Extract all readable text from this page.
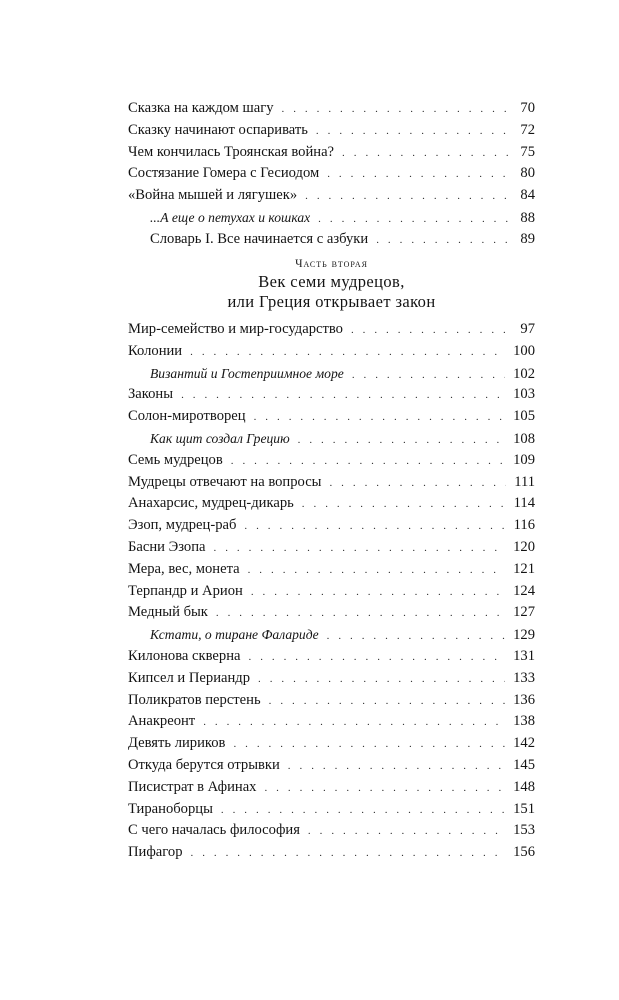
Сказка на каждом шагу . . .	70
Сказку начинают оспаривать . . .	72
Чем кончилась Троянская война? . . .	75
Состязание Гомера с Гесиодом . . .	80
«Война мышей и лягушек» . . .	84
...А еще о петухах и кошках . . .	88
Словарь I. Все начинается с азбуки . . .	89
Часть вторая
Век семи мудрецов,
или Греция открывает закон
Мир-семейство и мир-государство . . .	97
Колонии . . .	100
Византий и Гостеприимное море . . .	102
Законы . . .	103
Солон-миротворец . . .	105
Как щит создал Грецию . . .	108
Семь мудрецов . . .	109
Мудрецы отвечают на вопросы . . .	111
Анахарсис, мудрец-дикарь . . .	114
Эзоп, мудрец-раб . . .	116
Басни Эзопа . . .	120
Мера, вес, монета . . .	121
Терпандр и Арион . . .	124
Медный бык . . .	127
Кстати, о тиране Фаларидe . . .	129
Килонова скверна . . .	131
Кипсел и Периандр . . .	133
Поликратов перстень . . .	136
Анакреонт . . .	138
Девять лириков . . .	142
Откуда берутся отрывки . . .	145
Писистрат в Афинах . . .	148
Тираноборцы . . .	151
С чего началась философия . . .	153
Пифагор . . .	156
